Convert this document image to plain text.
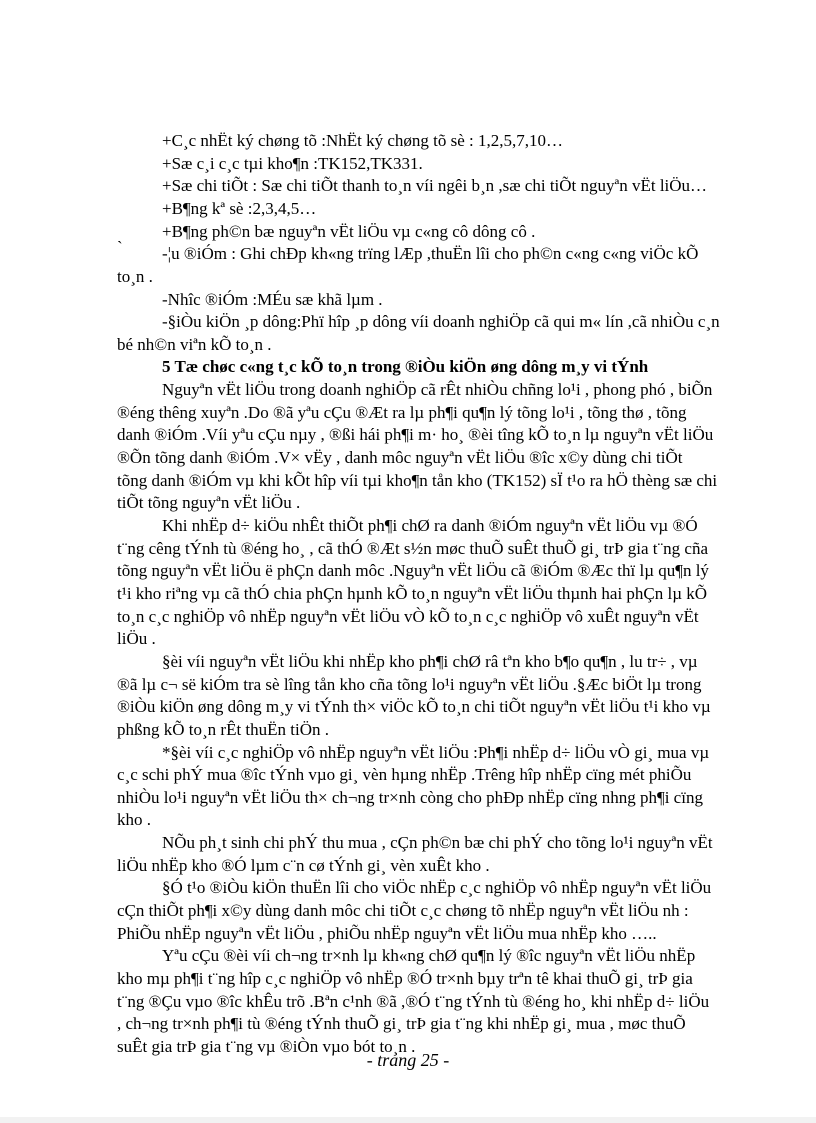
+C¸c nhËt ký chøng tõ :NhËt ký chøng tõ sè : 1,2,5,7,10…
+Sæ c¸i c¸c tµi kho¶n :TK152,TK331.
+Sæ chi tiÕt : Sæ chi tiÕt thanh to¸n víi ngêi b¸n ,sæ chi tiÕt nguyªn vËt liÖu…
+B¶ng kª sè :2,3,4,5…
+B¶ng ph©n bæ nguyªn vËt liÖu vµ c«ng cô dông cô .
` -¦u ®iÓm : Ghi chÐp kh«ng trïng lÆp ,thuËn lîi cho ph©n c«ng c«ng viÖc kÕ
to¸n .
-Nhîc ®iÓm :MÉu sæ khã lµm .
-§iÒu kiÖn ¸p dông:Phï hîp ¸p dông víi doanh nghiÖp cã qui m« lín ,cã nhiÒu c¸n
bé nh©n viªn kÕ to¸n .
5 Tæ chøc c«ng t¸c kÕ to¸n trong ®iÒu kiÖn øng dông m¸y vi tÝnh
Nguyªn vËt liÖu trong doanh nghiÖp cã rÊt nhiÒu chñng lo¹i , phong phó , biÕn
®éng thêng xuyªn .Do ®ã yªu cÇu ®Æt ra lµ ph¶i qu¶n lý tõng lo¹i , tõng thø , tõng
danh ®iÓm .Víi yªu cÇu nµy , ®ßi hái ph¶i m· ho¸ ®èi tîng kÕ to¸n lµ nguyªn vËt liÖu
®Õn tõng danh ®iÓm .V× vËy , danh môc nguyªn vËt liÖu ®îc x©y dùng chi tiÕt
tõng danh ®iÓm vµ khi kÕt hîp víi tµi kho¶n tån kho (TK152) sÏ t¹o ra hÖ thèng sæ chi
tiÕt tõng nguyªn vËt liÖu .
Khi nhËp d÷ kiÖu nhÊt thiÕt ph¶i chØ ra danh ®iÓm nguyªn vËt liÖu vµ ®Ó
t¨ng cêng tÝnh tù ®éng ho¸ , cã thÓ ®Æt s½n møc thuÕ suÊt thuÕ gi¸ trÞ gia t¨ng cña
tõng nguyªn vËt liÖu ë phÇn danh môc .Nguyªn vËt liÖu cã ®iÓm ®Æc thï lµ qu¶n lý
t¹i kho riªng vµ cã thÓ chia phÇn hµnh kÕ to¸n nguyªn vËt liÖu thµnh hai phÇn lµ kÕ
to¸n c¸c nghiÖp vô nhËp nguyªn vËt liÖu vÒ kÕ to¸n c¸c nghiÖp vô xuÊt nguyªn vËt
liÖu .
§èi víi nguyªn vËt liÖu khi nhËp kho ph¶i chØ râ tªn kho b¶o qu¶n , lu tr÷ , vµ
®ã lµ c¬ së kiÓm tra sè lîng tån kho cña tõng lo¹i nguyªn vËt liÖu .§Æc biÖt lµ trong
®iÒu kiÖn øng dông m¸y vi tÝnh th× viÖc kÕ to¸n chi tiÕt nguyªn vËt liÖu t¹i kho vµ
phßng kÕ to¸n rÊt thuËn tiÖn .
*§èi víi c¸c nghiÖp vô nhËp nguyªn vËt liÖu :Ph¶i nhËp d÷ liÖu vÒ gi¸ mua vµ
c¸c schi phÝ mua ®îc tÝnh vµo gi¸ vèn hµng nhËp .Trêng hîp nhËp cïng mét phiÕu
nhiÒu lo¹i nguyªn vËt liÖu th× ch¬ng tr×nh còng cho phÐp nhËp cïng nhng ph¶i cïng
kho .
NÕu ph¸t sinh chi phÝ thu mua , cÇn ph©n bæ chi phÝ cho tõng lo¹i nguyªn vËt
liÖu nhËp kho ®Ó lµm c¨n cø tÝnh gi¸ vèn xuÊt kho .
§Ó t¹o ®iÒu kiÖn thuËn lîi cho viÖc nhËp c¸c nghiÖp vô nhËp nguyªn vËt liÖu
cÇn thiÕt ph¶i x©y dùng danh môc chi tiÕt c¸c chøng tõ nhËp nguyªn vËt liÖu nh :
PhiÕu nhËp nguyªn vËt liÖu , phiÕu nhËp nguyªn vËt liÖu mua nhËp kho …..
Yªu cÇu ®èi víi ch¬ng tr×nh lµ kh«ng chØ qu¶n lý ®îc nguyªn vËt liÖu nhËp
kho mµ ph¶i t¨ng hîp c¸c nghiÖp vô nhËp ®Ó tr×nh bµy trªn tê khai thuÕ gi¸ trÞ gia
t¨ng ®Çu vµo ®îc khÊu trõ .Bªn c¹nh ®ã ,®Ó t¨ng tÝnh tù ®éng ho¸ khi nhËp d÷ liÖu
, ch¬ng tr×nh ph¶i tù ®éng tÝnh thuÕ gi¸ trÞ gia t¨ng khi nhËp gi¸ mua , møc thuÕ
suÊt gia trÞ gia t¨ng vµ ®iÒn vµo bót to¸n .
- trang 25 -
